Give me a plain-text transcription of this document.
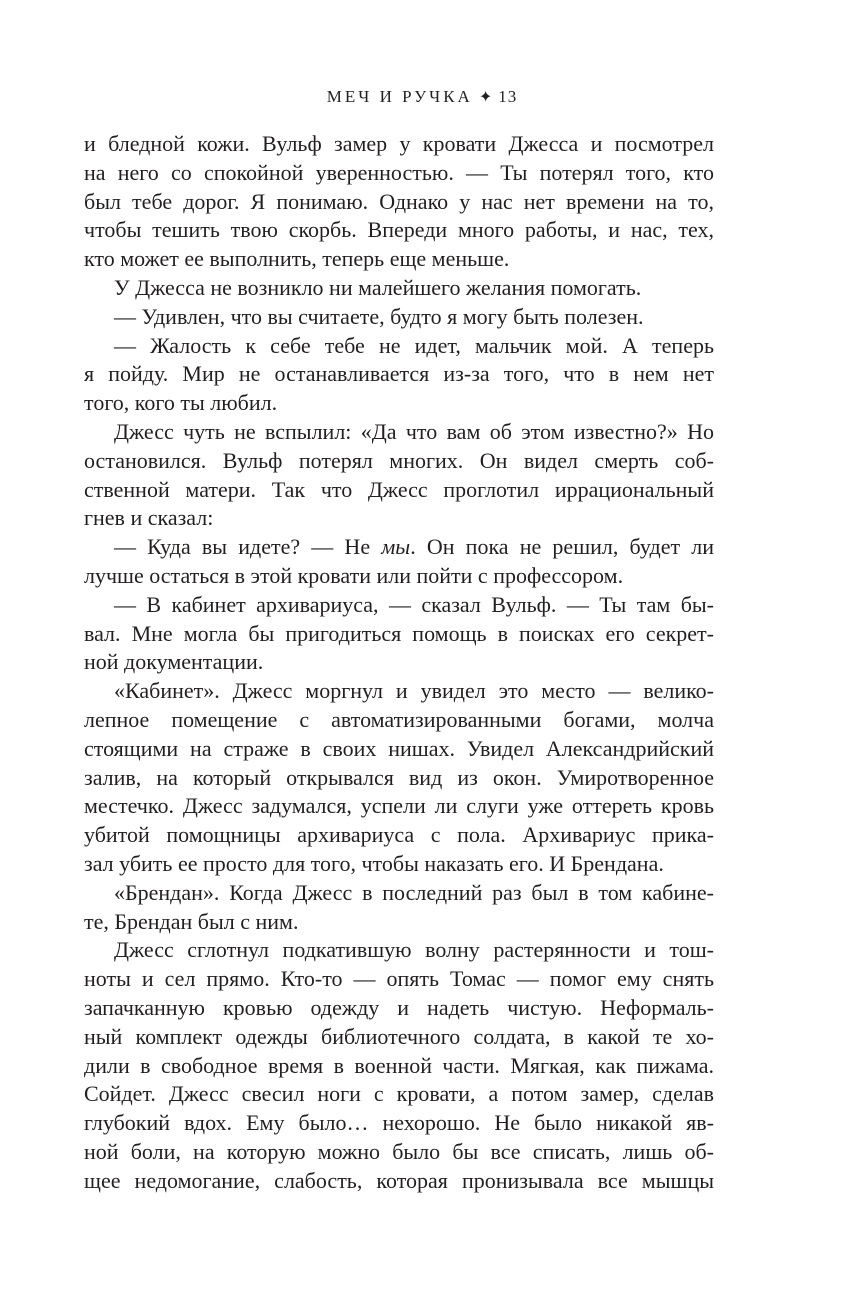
МЕЧ И РУЧКА ✦ 13
и бледной кожи. Вульф замер у кровати Джесса и посмотрел
на него со спокойной уверенностью. — Ты потерял того, кто
был тебе дорог. Я понимаю. Однако у нас нет времени на то,
чтобы тешить твою скорбь. Впереди много работы, и нас, тех,
кто может ее выполнить, теперь еще меньше.
У Джесса не возникло ни малейшего желания помогать.
— Удивлен, что вы считаете, будто я могу быть полезен.
— Жалость к себе тебе не идет, мальчик мой. А теперь
я пойду. Мир не останавливается из-за того, что в нем нет
того, кого ты любил.
Джесс чуть не вспылил: «Да что вам об этом известно?» Но
остановился. Вульф потерял многих. Он видел смерть соб-
ственной матери. Так что Джесс проглотил иррациональный
гнев и сказал:
— Куда вы идете? — Не мы. Он пока не решил, будет ли
лучше остаться в этой кровати или пойти с профессором.
— В кабинет архивариуса, — сказал Вульф. — Ты там бы-
вал. Мне могла бы пригодиться помощь в поисках его секрет-
ной документации.
«Кабинет». Джесс моргнул и увидел это место — велико-
лепное помещение с автоматизированными богами, молча
стоящими на страже в своих нишах. Увидел Александрийский
залив, на который открывался вид из окон. Умиротворенное
местечко. Джесс задумался, успели ли слуги уже оттереть кровь
убитой помощницы архивариуса с пола. Архивариус прика-
зал убить ее просто для того, чтобы наказать его. И Брендана.
«Брендан». Когда Джесс в последний раз был в том кабине-
те, Брендан был с ним.
Джесс сглотнул подкатившую волну растерянности и тош-
ноты и сел прямо. Кто-то — опять Томас — помог ему снять
запачканную кровью одежду и надеть чистую. Неформаль-
ный комплект одежды библиотечного солдата, в какой те хо-
дили в свободное время в военной части. Мягкая, как пижама.
Сойдет. Джесс свесил ноги с кровати, а потом замер, сделав
глубокий вдох. Ему было… нехорошо. Не было никакой яв-
ной боли, на которую можно было бы все списать, лишь об-
щее недомогание, слабость, которая пронизывала все мышцы
